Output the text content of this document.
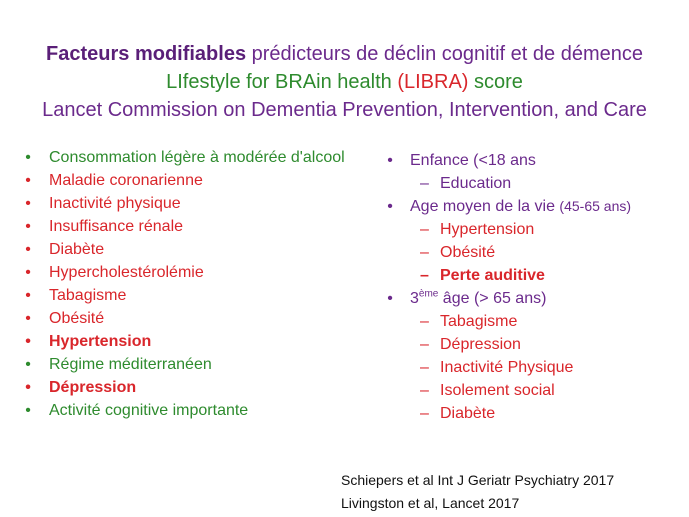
Facteurs modifiables prédicteurs de déclin cognitif et de démence
LIfestyle for BRAin health (LIBRA) score
Lancet Commission on Dementia Prevention, Intervention, and Care
• Consommation légère à modérée d'alcool
• Maladie coronarienne
• Inactivité physique
• Insuffisance rénale
• Diabète
• Hypercholestérolémie
• Tabagisme
• Obésité
• Hypertension
• Régime méditerranéen
• Dépression
• Activité cognitive importante
• Enfance (<18 ans
– Education
• Age moyen de la vie (45-65 ans)
– Hypertension
– Obésité
– Perte auditive
• 3ème âge (> 65 ans)
– Tabagisme
– Dépression
– Inactivité Physique
– Isolement social
– Diabète
Schiepers et al Int J Geriatr Psychiatry 2017
Livingston et al, Lancet 2017
